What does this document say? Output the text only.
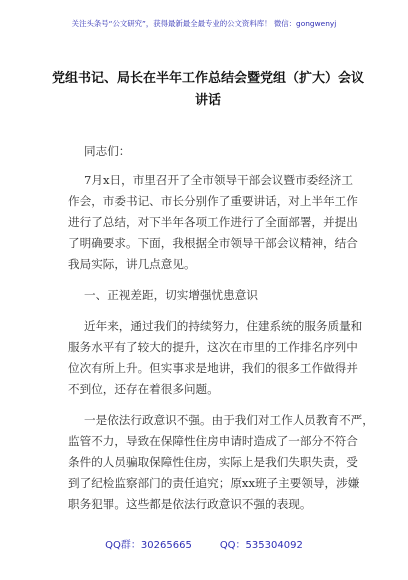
关注头条号“公文研究”，获得最新最全最专业的公文资料库！ 微信：gongwenyj
党组书记、局长在半年工作总结会暨党组（扩大）会议讲话
同志们：
7月x日，市里召开了全市领导干部会议暨市委经济工
作会，市委书记、市长分别作了重要讲话，对上半年工作
进行了总结，对下半年各项工作进行了全面部署，并提出
了明确要求。下面，我根据全市领导干部会议精神，结合
我局实际，讲几点意见。
一、正视差距，切实增强忧患意识
近年来，通过我们的持续努力，住建系统的服务质量和
服务水平有了较大的提升，这次在市里的工作排名序列中
位次有所上升。但实事求是地讲，我们的很多工作做得并
不到位，还存在着很多问题。
一是依法行政意识不强。由于我们对工作人员教育不严，
监管不力，导致在保障性住房申请时造成了一部分不符合
条件的人员骗取保障性住房，实际上是我们失职失责，受
到了纪检监察部门的责任追究；原xx班子主要领导，涉嫌
职务犯罪。这些都是依法行政意识不强的表现。
QQ群：30265665	QQ：535304092
